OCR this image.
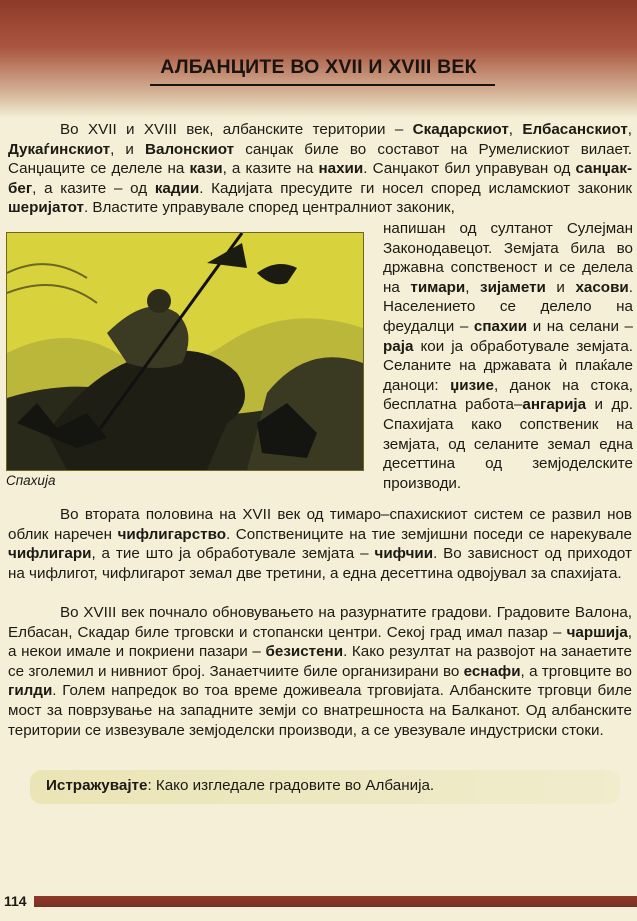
АЛБАНЦИТЕ ВО XVII И XVIII ВЕК

Во XVII и XVIII век, албанските територии – Скадарскиот, Елбасанскиот, Дукаѓинскиот, и Валонскиот санџак биле во составот на Румелискиот вилает. Санџаците се делеле на кази, а казите на нахии. Санџакот бил управуван од санџак-бег, а казите – од кадии. Кадијата пресудите ги носел според исламскиот законик шеријатот. Властите управувале според централниот законик,

Спахија

напишан од султанот Сулејман Законодавецот. Земјата била во државна сопственост и се делела на тимари, зијамети и хасови. Населението се делело на феудалци – спахии и на селани – раја кои ја обработувале земјата. Селаните на државата ѝ плаќале даноци: џизие, данок на стока, бесплатна работа–ангарија и др. Спахијата како сопственик на земјата, од селаните земал една десеттина од земјоделските производи.

Во втората половина на XVII век од тимаро–спахискиот систем се развил нов облик наречен чифлигарство. Сопствениците на тие земјишни поседи се нарекувале чифлигари, а тие што ја обработувале земјата – чифчии. Во зависност од приходот на чифлигот, чифлигарот земал две третини, а една десеттина одвојувал за спахијата.

Во XVIII век почнало обновувањето на разурнатите градови. Градовите Валона, Елбасан, Скадар биле трговски и стопански центри. Секој град имал пазар – чаршија, а некои имале и покриени пазари – безистени. Како резултат на развојот на занаетите се зголемил и нивниот број. Занаетчиите биле организирани во еснафи, а трговците во гилди. Голем напредок во тоа време доживеала трговијата. Албанските трговци биле мост за поврзување на западните земји со внатрешноста на Балканот. Од албанските територии се извезувале земјоделски производи, а се увезувале индустриски стоки.

Истражувајте: Како изгледале градовите во Албанија.
114
